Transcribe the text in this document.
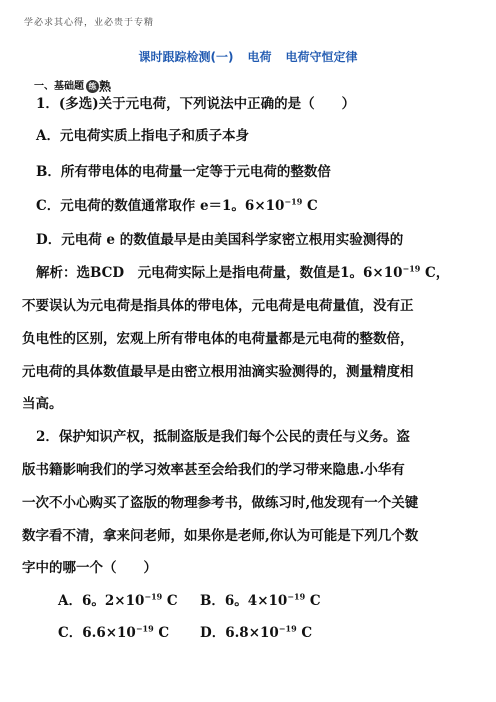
学必求其心得，业必贵于专精
课时跟踪检测(一) 电荷 电荷守恒定律
一、基础题 练 熟
1．(多选)关于元电荷，下列说法中正确的是（　　）
A．元电荷实质上指电子和质子本身
B．所有带电体的电荷量一定等于元电荷的整数倍
C．元电荷的数值通常取作 e＝1。$6\times 10^{-19}$ C
D．元电荷 e 的数值最早是由美国科学家密立根用实验测得的
解析：选BCD　元电荷实际上是指电荷量，数值是1。$6\times 10^{-19}$ C，
不要误认为元电荷是指具体的带电体，元电荷是电荷量值，没有正
负电性的区别，宏观上所有带电体的电荷量都是元电荷的整数倍，
元电荷的具体数值最早是由密立根用油滴实验测得的，测量精度相
当高。
2．保护知识产权，抵制盗版是我们每个公民的责任与义务。盗
版书籍影响我们的学习效率甚至会给我们的学习带来隐患.小华有
一次不小心购买了盗版的物理参考书，做练习时,他发现有一个关键
数字看不清，拿来问老师，如果你是老师,你认为可能是下列几个数
字中的哪一个（　　）
A．6。$2\times 10^{-19}$ C B．6。$4\times 10^{-19}$ C
C．$6.6\times 10^{-19}$ C D．$6.8\times 10^{-19}$ C
